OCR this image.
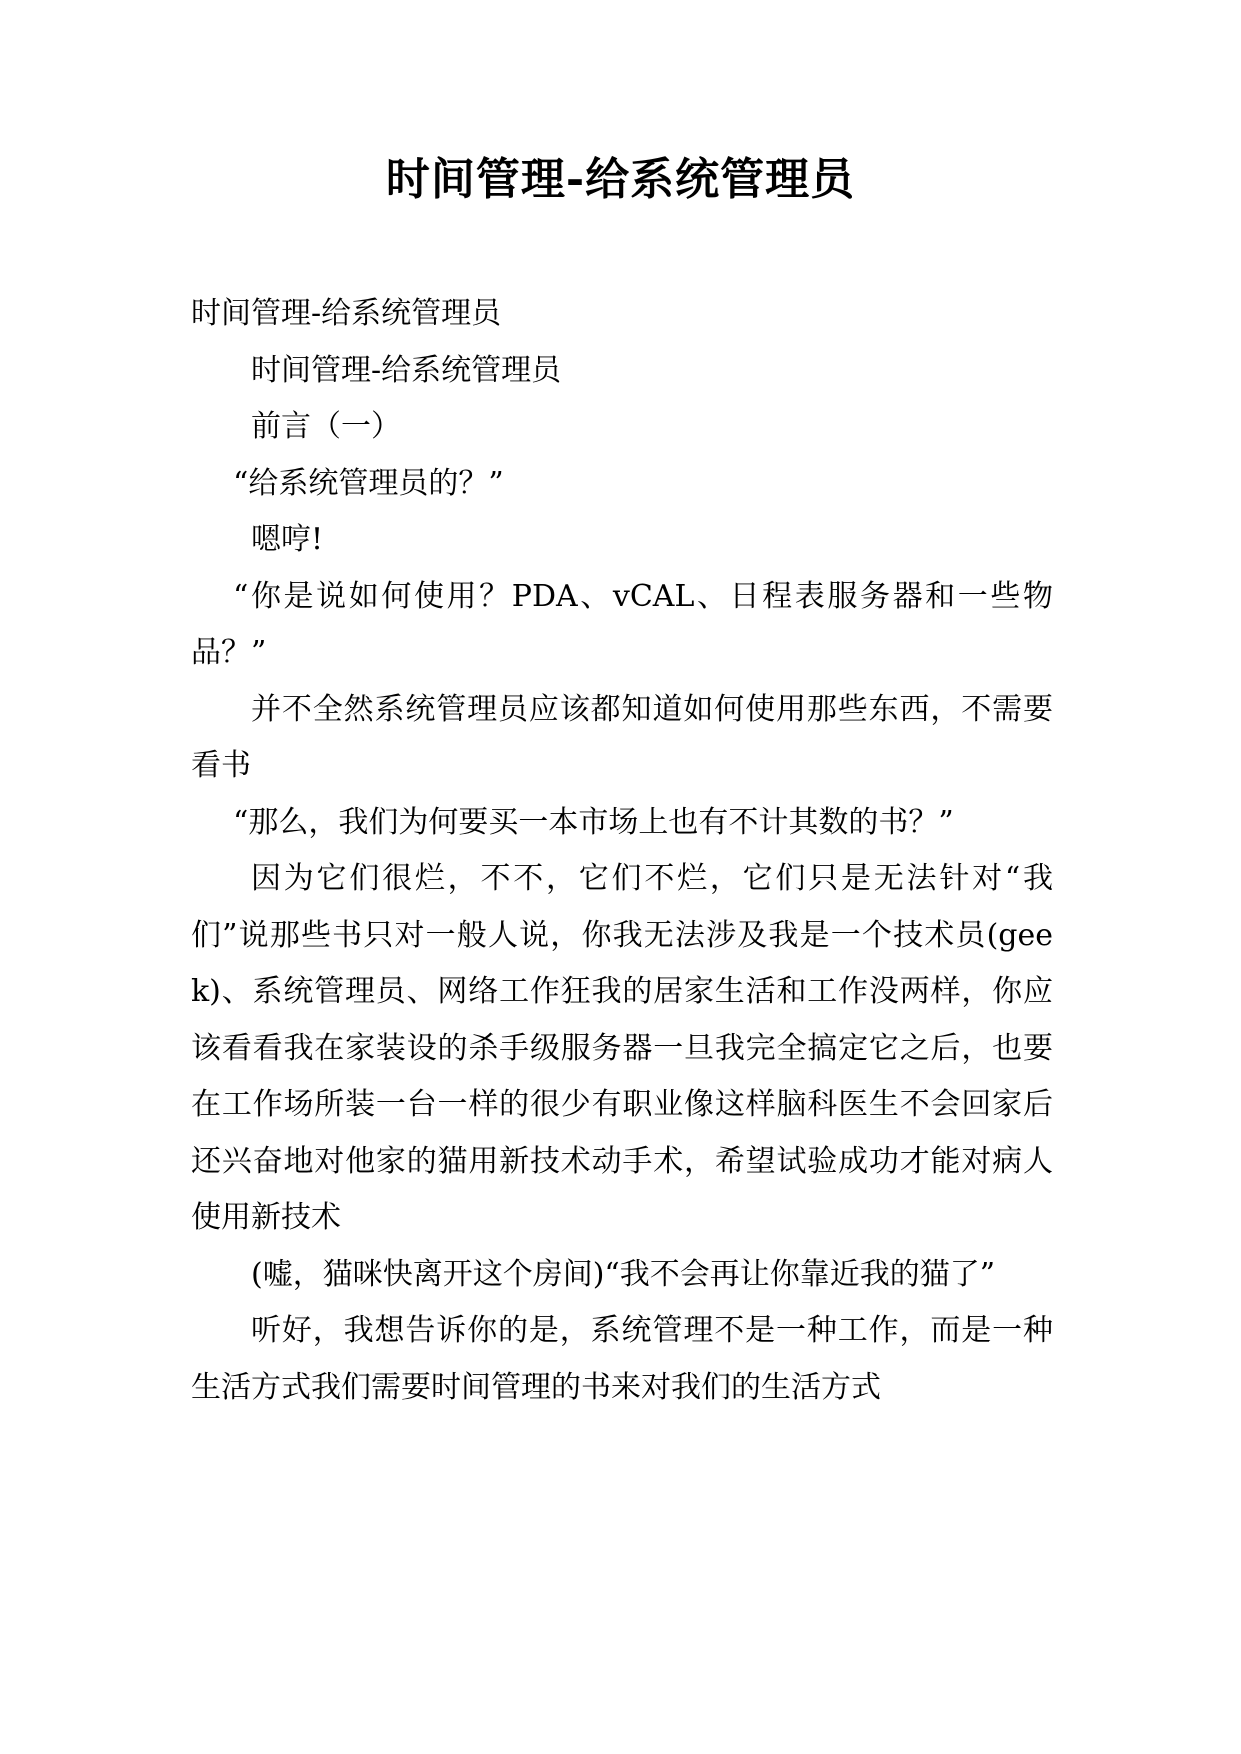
时间管理-给系统管理员

时间管理-给系统管理员

时间管理-给系统管理员

前言（一）

“给系统管理员的？”

嗯哼!

“你是说如何使用？PDA、vCAL、日程表服务器和一些物品？”

并不全然系统管理员应该都知道如何使用那些东西，不需要看书

“那么，我们为何要买一本市场上也有不计其数的书？”

因为它们很烂，不不，它们不烂，它们只是无法针对“我们”说那些书只对一般人说，你我无法涉及我是一个技术员(geek)、系统管理员、网络工作狂我的居家生活和工作没两样，你应该看看我在家装设的杀手级服务器一旦我完全搞定它之后，也要在工作场所装一台一样的很少有职业像这样脑科医生不会回家后还兴奋地对他家的猫用新技术动手术，希望试验成功才能对病人使用新技术

(嘘，猫咪快离开这个房间)“我不会再让你靠近我的猫了”

听好，我想告诉你的是，系统管理不是一种工作，而是一种生活方式我们需要时间管理的书来对我们的生活方式
